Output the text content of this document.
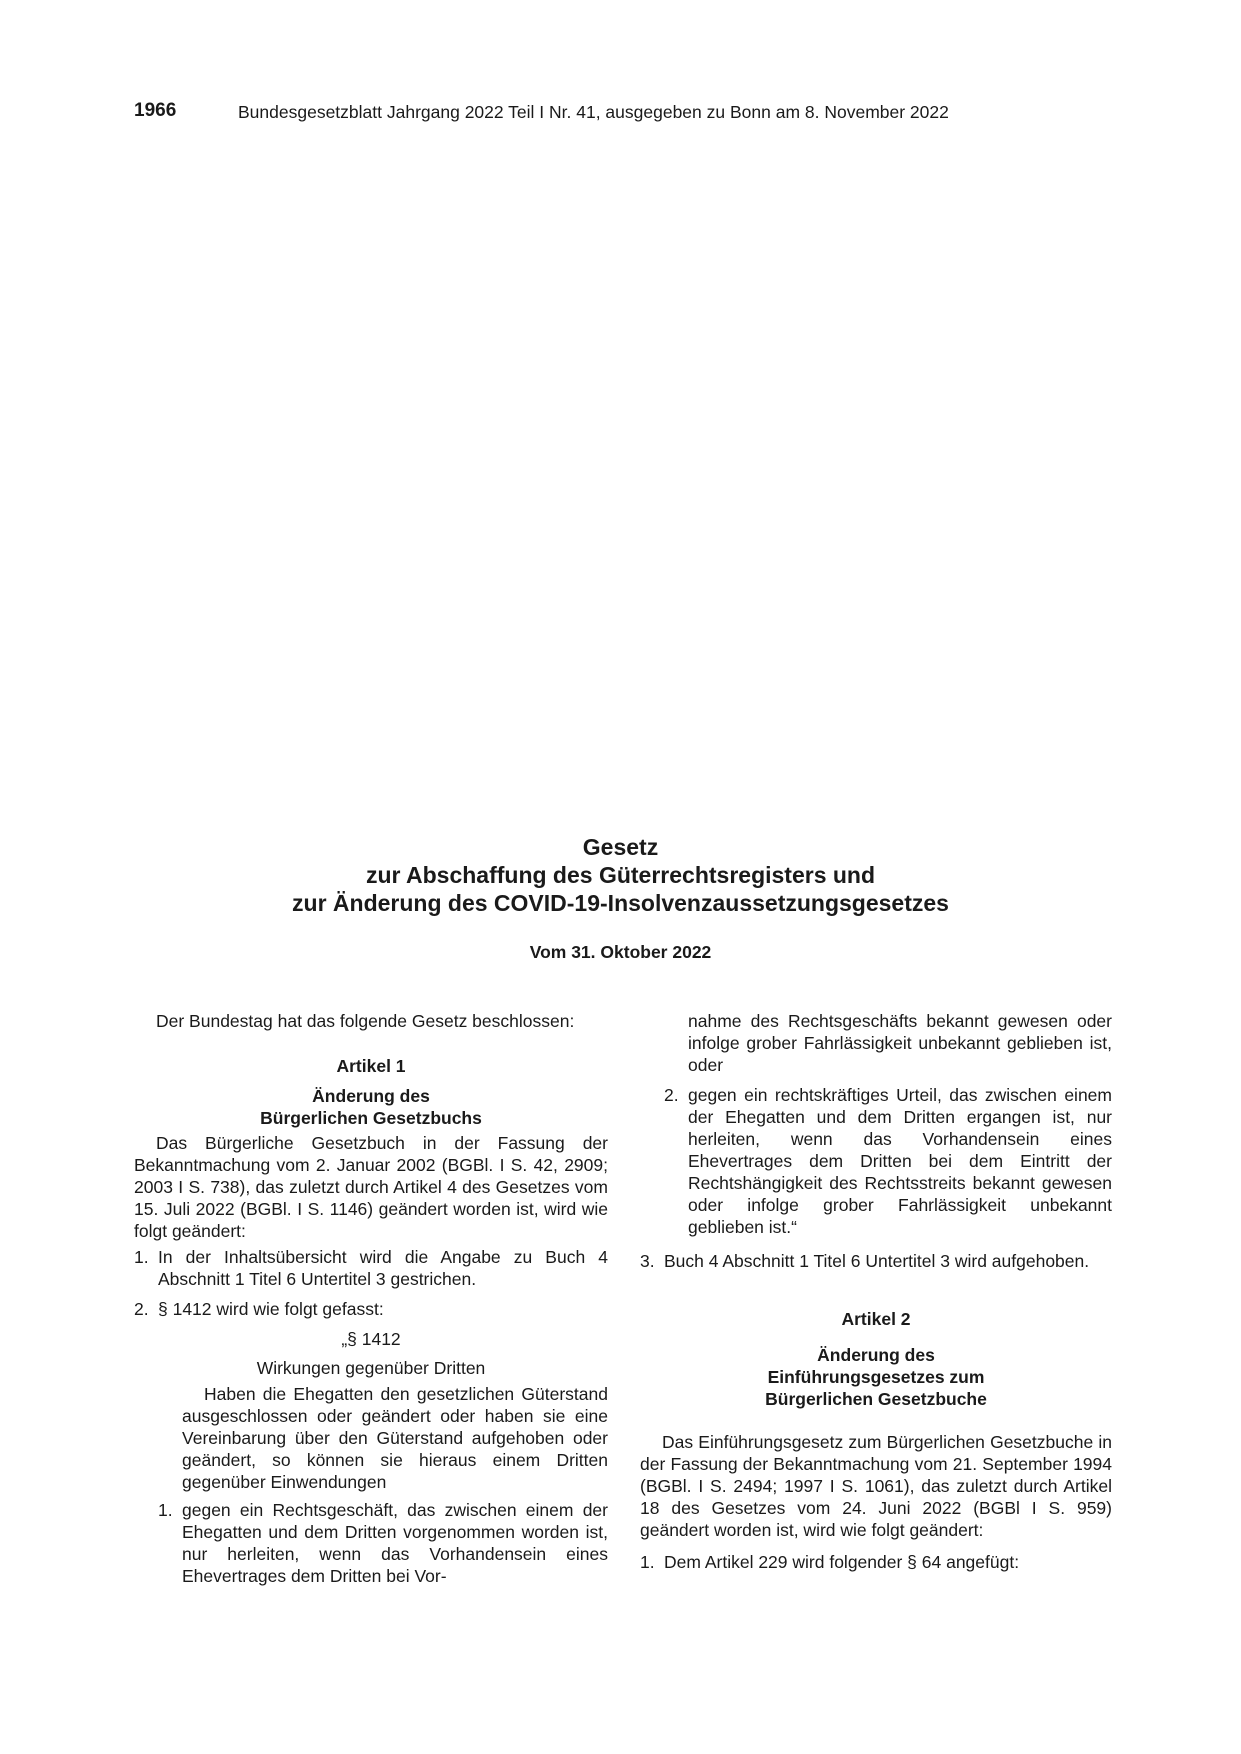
1966	Bundesgesetzblatt Jahrgang 2022 Teil I Nr. 41, ausgegeben zu Bonn am 8. November 2022
Gesetz
zur Abschaffung des Güterrechtsregisters und
zur Änderung des COVID-19-Insolvenzaussetzungsgesetzes
Vom 31. Oktober 2022

Der Bundestag hat das folgende Gesetz beschlossen:

Artikel 1

Änderung des

Bürgerlichen Gesetzbuchs

Das Bürgerliche Gesetzbuch in der Fassung der Bekanntmachung vom 2. Januar 2002 (BGBl. I S. 42, 2909; 2003 I S. 738), das zuletzt durch Artikel 4 des Gesetzes vom 15. Juli 2022 (BGBl. I S. 1146) geändert worden ist, wird wie folgt geändert:

1. In der Inhaltsübersicht wird die Angabe zu Buch 4 Abschnitt 1 Titel 6 Untertitel 3 gestrichen.

2. § 1412 wird wie folgt gefasst:

„§ 1412

Wirkungen gegenüber Dritten

Haben die Ehegatten den gesetzlichen Güterstand ausgeschlossen oder geändert oder haben sie eine Vereinbarung über den Güterstand aufgehoben oder geändert, so können sie hieraus einem Dritten gegenüber Einwendungen

1. gegen ein Rechtsgeschäft, das zwischen einem der Ehegatten und dem Dritten vorgenommen worden ist, nur herleiten, wenn das Vorhandensein eines Ehevertrages dem Dritten bei Vor-

nahme des Rechtsgeschäfts bekannt gewesen oder infolge grober Fahrlässigkeit unbekannt geblieben ist, oder

2. gegen ein rechtskräftiges Urteil, das zwischen einem der Ehegatten und dem Dritten ergangen ist, nur herleiten, wenn das Vorhandensein eines Ehevertrages dem Dritten bei dem Eintritt der Rechtshängigkeit des Rechtsstreits bekannt gewesen oder infolge grober Fahrlässigkeit unbekannt geblieben ist.“

3. Buch 4 Abschnitt 1 Titel 6 Untertitel 3 wird aufgehoben.

Artikel 2

Änderung des

Einführungsgesetzes zum

Bürgerlichen Gesetzbuche

Das Einführungsgesetz zum Bürgerlichen Gesetzbuche in der Fassung der Bekanntmachung vom 21. September 1994 (BGBl. I S. 2494; 1997 I S. 1061), das zuletzt durch Artikel 18 des Gesetzes vom 24. Juni 2022 (BGBl I S. 959) geändert worden ist, wird wie folgt geändert:

1. Dem Artikel 229 wird folgender § 64 angefügt:
